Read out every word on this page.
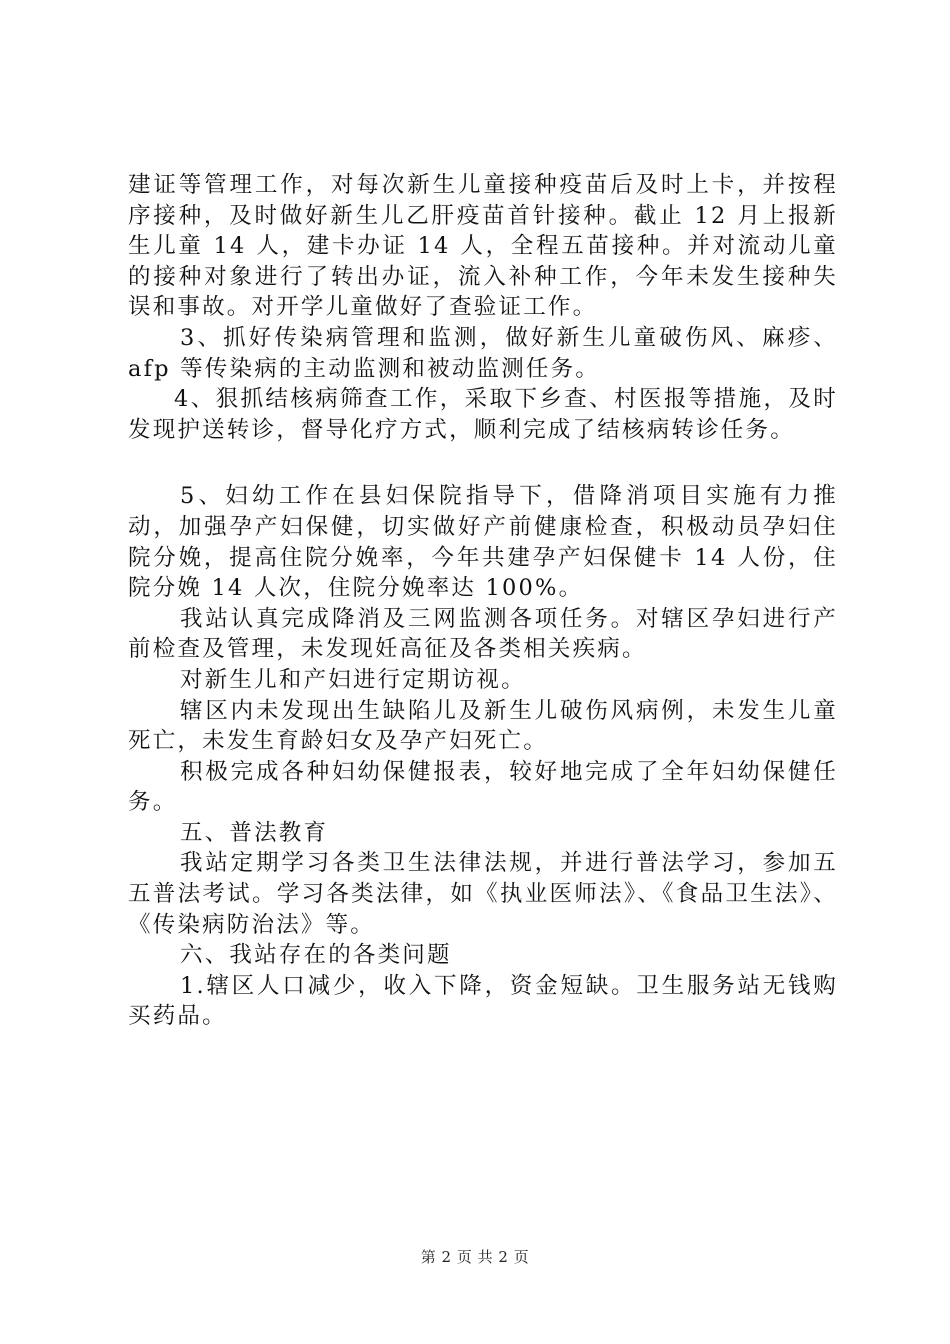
建证等管理工作，对每次新生儿童接种疫苗后及时上卡，并按程序接种，及时做好新生儿乙肝疫苗首针接种。截止 12 月上报新生儿童 14 人，建卡办证 14 人，全程五苗接种。并对流动儿童的接种对象进行了转出办证，流入补种工作，今年未发生接种失误和事故。对开学儿童做好了查验证工作。

3、抓好传染病管理和监测，做好新生儿童破伤风、麻疹、afp 等传染病的主动监测和被动监测任务。

4、狠抓结核病筛查工作，采取下乡查、村医报等措施，及时发现护送转诊，督导化疗方式，顺利完成了结核病转诊任务。

5、妇幼工作在县妇保院指导下，借降消项目实施有力推动，加强孕产妇保健，切实做好产前健康检查，积极动员孕妇住院分娩，提高住院分娩率，今年共建孕产妇保健卡 14 人份，住院分娩 14 人次，住院分娩率达 100%。

我站认真完成降消及三网监测各项任务。对辖区孕妇进行产前检查及管理，未发现妊高征及各类相关疾病。

对新生儿和产妇进行定期访视。

辖区内未发现出生缺陷儿及新生儿破伤风病例，未发生儿童死亡，未发生育龄妇女及孕产妇死亡。

积极完成各种妇幼保健报表，较好地完成了全年妇幼保健任务。

五、普法教育

我站定期学习各类卫生法律法规，并进行普法学习，参加五五普法考试。学习各类法律，如《执业医师法》、《食品卫生法》、《传染病防治法》等。

六、我站存在的各类问题

1.辖区人口减少，收入下降，资金短缺。卫生服务站无钱购买药品。

第 2 页 共 2 页
